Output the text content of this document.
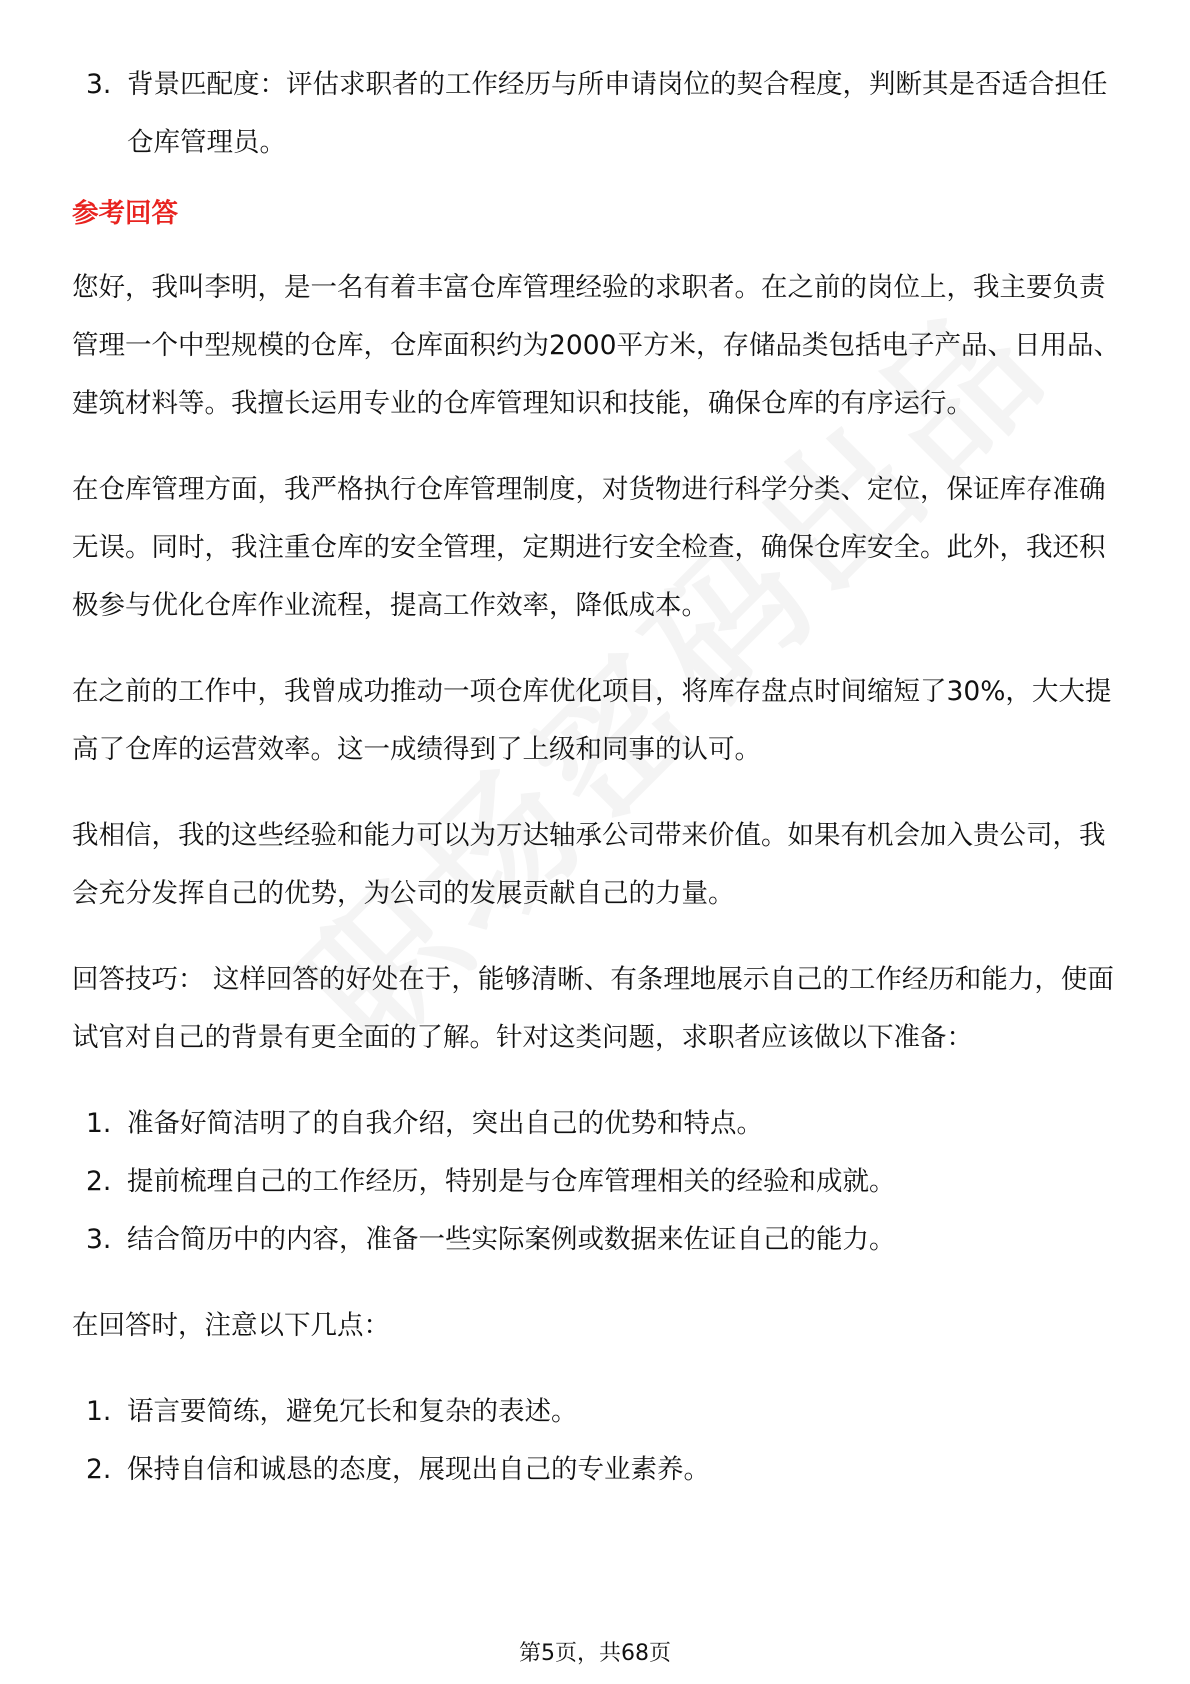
3. 背景匹配度：评估求职者的工作经历与所申请岗位的契合程度，判断其是否适合担任仓库管理员。
参考回答

您好，我叫李明，是一名有着丰富仓库管理经验的求职者。在之前的岗位上，我主要负责管理一个中型规模的仓库，仓库面积约为2000平方米，存储品类包括电子产品、日用品、建筑材料等。我擅长运用专业的仓库管理知识和技能，确保仓库的有序运行。

在仓库管理方面，我严格执行仓库管理制度，对货物进行科学分类、定位，保证库存准确无误。同时，我注重仓库的安全管理，定期进行安全检查，确保仓库安全。此外，我还积极参与优化仓库作业流程，提高工作效率，降低成本。

在之前的工作中，我曾成功推动一项仓库优化项目，将库存盘点时间缩短了30%，大大提高了仓库的运营效率。这一成绩得到了上级和同事的认可。

我相信，我的这些经验和能力可以为万达轴承公司带来价值。如果有机会加入贵公司，我会充分发挥自己的优势，为公司的发展贡献自己的力量。

回答技巧： 这样回答的好处在于，能够清晰、有条理地展示自己的工作经历和能力，使面试官对自己的背景有更全面的了解。针对这类问题，求职者应该做以下准备：

1. 准备好简洁明了的自我介绍，突出自己的优势和特点。
2. 提前梳理自己的工作经历，特别是与仓库管理相关的经验和成就。
3. 结合简历中的内容，准备一些实际案例或数据来佐证自己的能力。

在回答时，注意以下几点：

1. 语言要简练，避免冗长和复杂的表述。
2. 保持自信和诚恳的态度，展现出自己的专业素养。
第5页，共68页
